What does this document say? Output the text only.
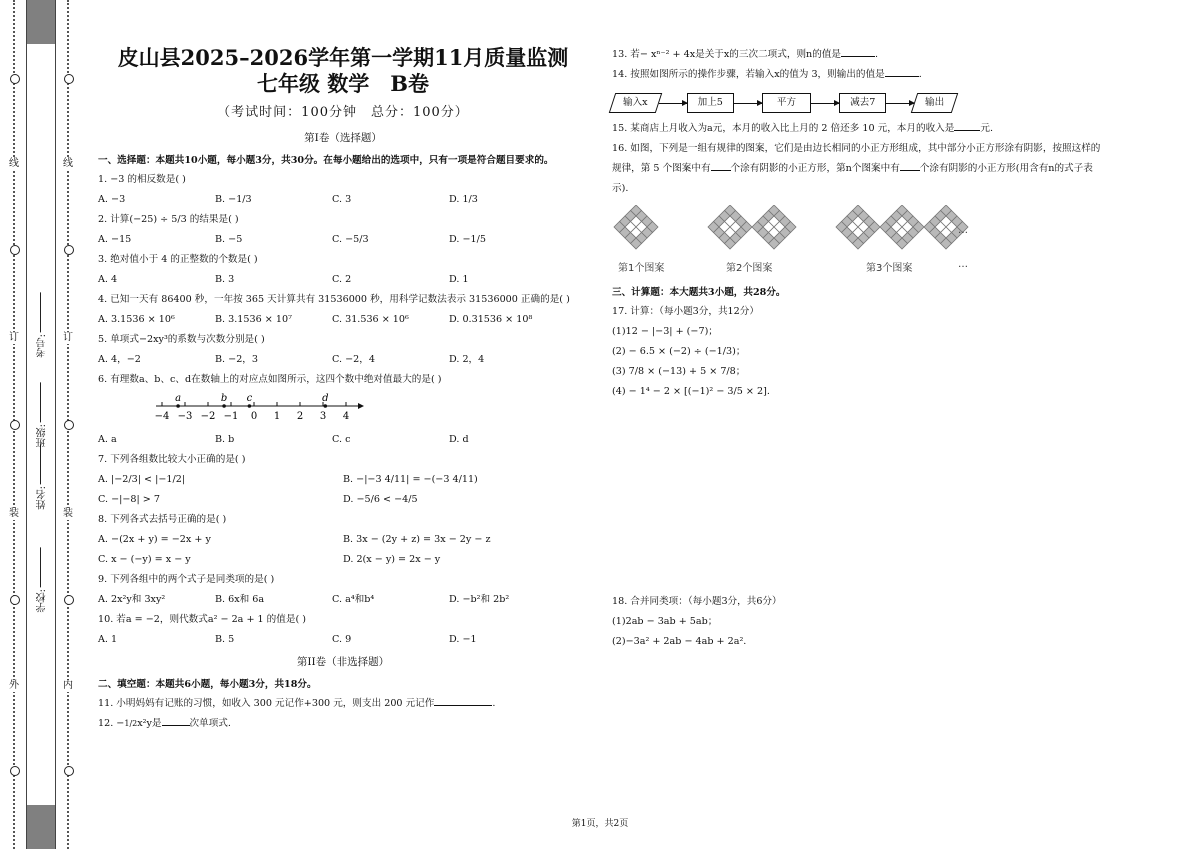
线
订
装
外
学校:
姓名:
班级:
考号:
线
订
装
内
皮山县2025–2026学年第一学期11月质量监测
七年级 数学　B卷
（考试时间：100分钟　总分：100分）
第I卷（选择题）
一、选择题：本题共10小题，每小题3分，共30分。在每小题给出的选项中，只有一项是符合题目要求的。
1. −3 的相反数是( )
A. −3	B. −1/3	C. 3	D. 1/3
2. 计算(−25) ÷ 5/3 的结果是( )
A. −15	B. −5	C. −5/3	D. −1/5
3. 绝对值小于 4 的正整数的个数是( )
A. 4	B. 3	C. 2	D. 1
4. 已知一天有 86400 秒，一年按 365 天计算共有 31536000 秒，用科学记数法表示 31536000 正确的是( )
A. 3.1536 × 10⁶	B. 3.1536 × 10⁷	C. 31.536 × 10⁶	D. 0.31536 × 10⁸
5. 单项式−2xy³的系数与次数分别是( )
A. 4，−2	B. −2，3	C. −2，4	D. 2，4
6. 有理数a、b、c、d在数轴上的对应点如图所示，这四个数中绝对值最大的是( )
−4 −3 −2 −1 0 1 2 3 4
a	b c	d
A. a	B. b	C. c	D. d
7. 下列各组数比较大小正确的是( )
A. |−2/3| < |−1/2|	B. −|−3 4/11| = −(−3 4/11)
C. −|−8| > 7	D. −5/6 < −4/5
8. 下列各式去括号正确的是( )
A. −(2x + y) = −2x + y	B. 3x − (2y + z) = 3x − 2y − z
C. x − (−y) = x − y	D. 2(x − y) = 2x − y
9. 下列各组中的两个式子是同类项的是( )
A. 2x²y和 3xy²	B. 6x和 6a	C. a⁴和b⁴	D. −b²和 2b²
10. 若a = −2，则代数式a² − 2a + 1 的值是( )
A. 1	B. 5	C. 9	D. −1
第II卷（非选择题）
二、填空题：本题共6小题，每小题3分，共18分。
11. 小明妈妈有记账的习惯，如收入 300 元记作+300 元，则支出 200 元记作	.
12. −1/2x²y是	次单项式.
13. 若− xⁿ⁻² + 4x是关于x的三次二项式，则n的值是	.
14. 按照如图所示的操作步骤，若输入x的值为 3，则输出的值是	.
输入x	加上5	平方	减去7	输出
15. 某商店上月收入为a元，本月的收入比上月的 2 倍还多 10 元，本月的收入是	元.
16. 如图，下列是一组有规律的图案，它们是由边长相同的小正方形组成，其中部分小正方形涂有阴影，按照这样的规律，第 5 个图案中有 个涂有阴影的小正方形，第n个图案中有 个涂有阴影的小正方形(用含有n的式子表示).
第1个图案	第2个图案	第3个图案
…
…
三、计算题：本大题共3小题，共28分。
17. 计算：（每小题3分，共12分）
(1)12 − |−3| + (−7)；
(2) − 6.5 × (−2) ÷ (−1/3)；
(3) 7/8 × (−13) + 5 × 7/8；
(4) − 1⁴ − 2 × [(−1)² − 3/5 × 2].
18. 合并同类项：（每小题3分，共6分）
(1)2ab − 3ab + 5ab；
(2)−3a² + 2ab − 4ab + 2a².
第1页，共2页
